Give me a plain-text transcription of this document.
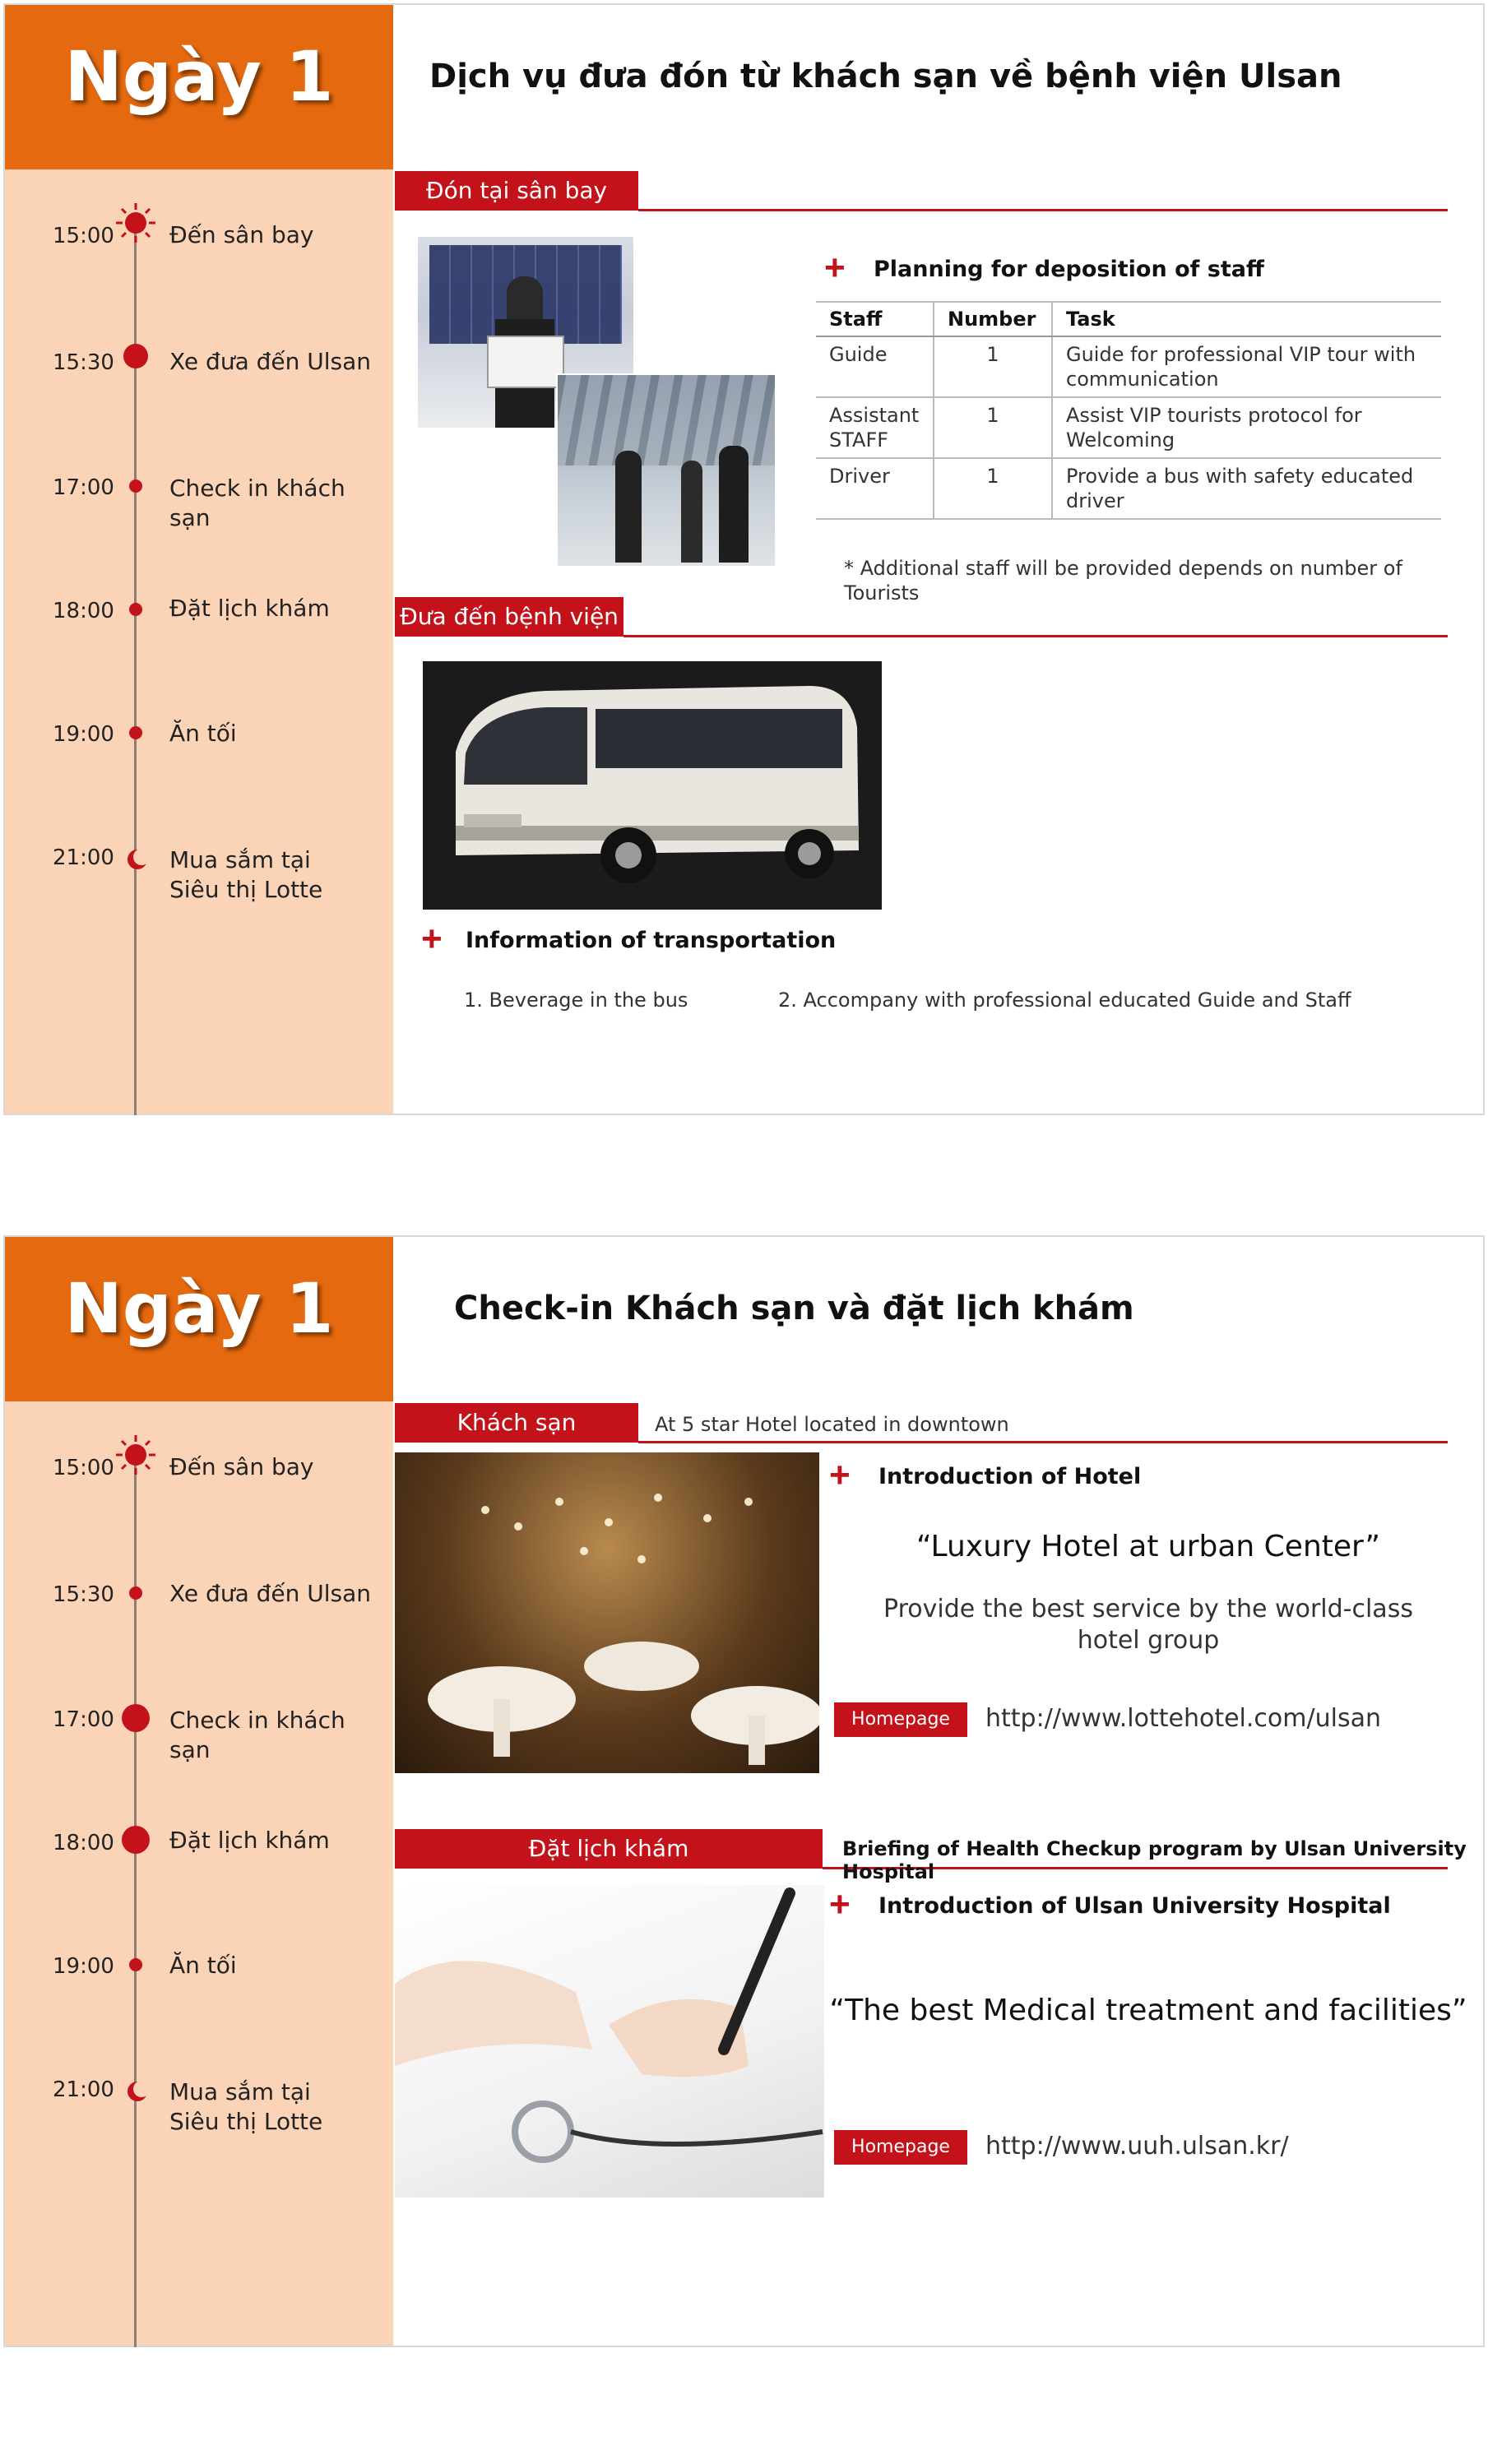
Ngày 1
15:00 Đến sân bay
15:30 Xe đưa đến Ulsan
17:00 Check in khách sạn
18:00 Đặt lịch khám
19:00 Ăn tối
21:00 Mua sắm tại
Siêu thị Lotte
Dịch vụ đưa đón từ khách sạn về bệnh viện Ulsan
Đón tại sân bay
+ Planning for deposition of staff
Staff	Number	Task
Guide	1	Guide for professional VIP tour with communication
Assistant STAFF	1	Assist VIP tourists protocol for Welcoming
Driver	1	Provide a bus with safety educated driver
* Additional staff will be provided depends on number of Tourists
Đưa đến bệnh viện
+ Information of transportation
1. Beverage in the bus	2. Accompany with professional educated Guide and Staff
Ngày 1
15:00 Đến sân bay
15:30 Xe đưa đến Ulsan
17:00 Check in khách sạn
18:00 Đặt lịch khám
19:00 Ăn tối
21:00 Mua sắm tại
Siêu thị Lotte
Check-in Khách sạn và đặt lịch khám
Khách sạn	At 5 star Hotel located in downtown
+ Introduction of Hotel
“Luxury Hotel at urban Center”
Provide the best service by the world-class
hotel group
Homepage	http://www.lottehotel.com/ulsan
Đặt lịch khám	Briefing of Health Checkup program by Ulsan University Hospital
+ Introduction of Ulsan University Hospital
“The best Medical treatment and facilities”
Homepage	http://www.uuh.ulsan.kr/
